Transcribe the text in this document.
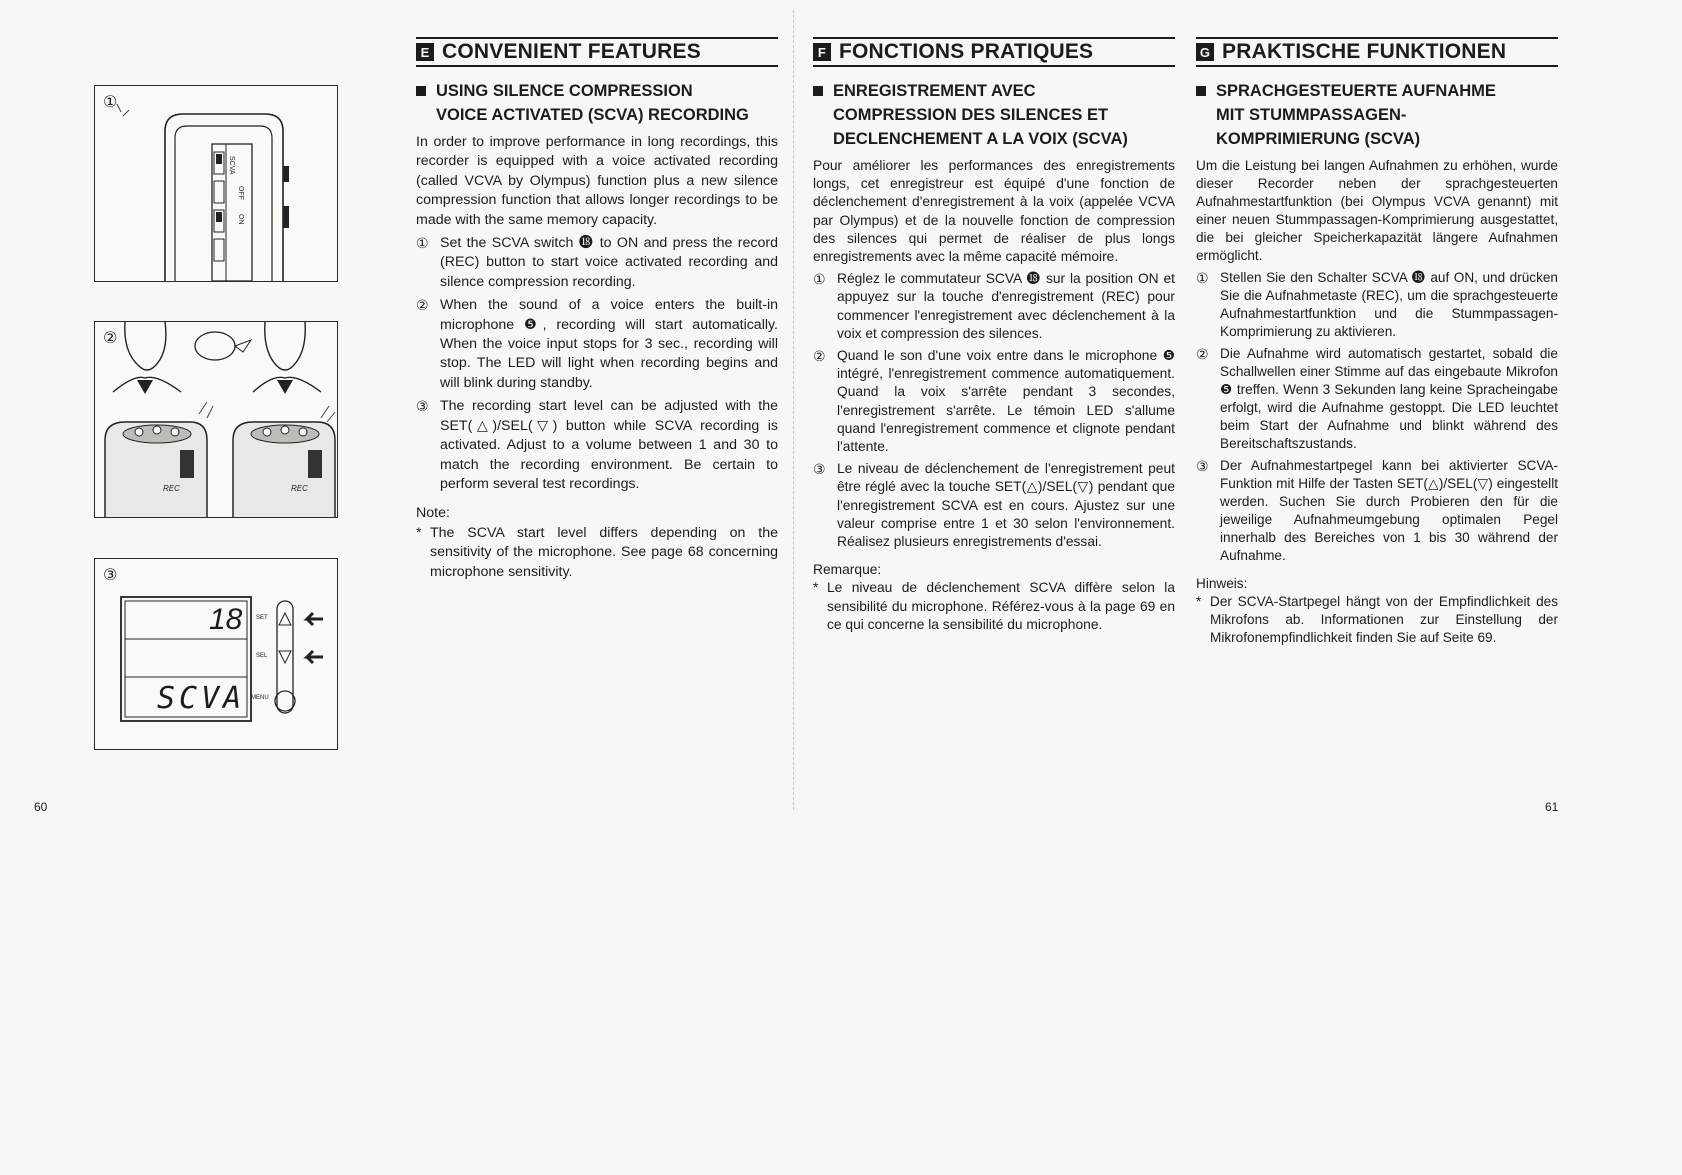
60	61
①
SCVA
OFF
ON
②
REC	REC
③
18
SCVA
SET
SEL
MENU
E CONVENIENT FEATURES
USING SILENCE COMPRESSION
VOICE ACTIVATED (SCVA) RECORDING
In order to improve performance in long recordings, this recorder is equipped with a voice activated recording (called VCVA by Olympus) function plus a new silence compression function that allows longer recordings to be made with the same memory capacity.
① Set the SCVA switch ⓲ to ON and press the record (REC) button to start voice activated recording and silence compression recording.
② When the sound of a voice enters the built-in microphone ❺, recording will start automatically. When the voice input stops for 3 sec., recording will stop. The LED will light when recording begins and will blink during standby.
③ The recording start level can be adjusted with the SET(△)/SEL(▽) button while SCVA recording is activated. Adjust to a volume between 1 and 30 to match the recording environment. Be certain to perform several test recordings.
Note:
* The SCVA start level differs depending on the sensitivity of the microphone. See page 68 concerning microphone sensitivity.
F FONCTIONS PRATIQUES
ENREGISTREMENT AVEC
COMPRESSION DES SILENCES ET
DECLENCHEMENT A LA VOIX (SCVA)
Pour améliorer les performances des enregistrements longs, cet enregistreur est équipé d'une fonction de déclenchement d'enregistrement à la voix (appelée VCVA par Olympus) et de la nouvelle fonction de compression des silences qui permet de réaliser de plus longs enregistrements avec la même capacité mémoire.
① Réglez le commutateur SCVA ⓲ sur la position ON et appuyez sur la touche d'enregistrement (REC) pour commencer l'enregistrement avec déclenchement à la voix et compression des silences.
② Quand le son d'une voix entre dans le microphone ❺ intégré, l'enregistrement commence automatiquement. Quand la voix s'arrête pendant 3 secondes, l'enregistrement s'arrête. Le témoin LED s'allume quand l'enregistrement commence et clignote pendant l'attente.
③ Le niveau de déclenchement de l'enregistrement peut être réglé avec la touche SET(△)/SEL(▽) pendant que l'enregistrement SCVA est en cours. Ajustez sur une valeur comprise entre 1 et 30 selon l'environnement. Réalisez plusieurs enregistrements d'essai.
Remarque:
* Le niveau de déclenchement SCVA diffère selon la sensibilité du microphone. Référez-vous à la page 69 en ce qui concerne la sensibilité du microphone.
G PRAKTISCHE FUNKTIONEN
SPRACHGESTEUERTE AUFNAHME
MIT STUMMPASSAGEN-
KOMPRIMIERUNG (SCVA)
Um die Leistung bei langen Aufnahmen zu erhöhen, wurde dieser Recorder neben der sprachgesteuerten Aufnahmestartfunktion (bei Olympus VCVA genannt) mit einer neuen Stummpassagen-Komprimierung ausgestattet, die bei gleicher Speicherkapazität längere Aufnahmen ermöglicht.
① Stellen Sie den Schalter SCVA ⓲ auf ON, und drücken Sie die Aufnahmetaste (REC), um die sprachgesteuerte Aufnahmestartfunktion und die Stummpassagen-Komprimierung zu aktivieren.
② Die Aufnahme wird automatisch gestartet, sobald die Schallwellen einer Stimme auf das eingebaute Mikrofon ❺ treffen. Wenn 3 Sekunden lang keine Spracheingabe erfolgt, wird die Aufnahme gestoppt. Die LED leuchtet beim Start der Aufnahme und blinkt während des Bereitschaftszustands.
③ Der Aufnahmestartpegel kann bei aktivierter SCVA-Funktion mit Hilfe der Tasten SET(△)/SEL(▽) eingestellt werden. Suchen Sie durch Probieren den für die jeweilige Aufnahmeumgebung optimalen Pegel innerhalb des Bereiches von 1 bis 30 während der Aufnahme.
Hinweis:
* Der SCVA-Startpegel hängt von der Empfindlichkeit des Mikrofons ab. Informationen zur Einstellung der Mikrofonempfindlichkeit finden Sie auf Seite 69.
